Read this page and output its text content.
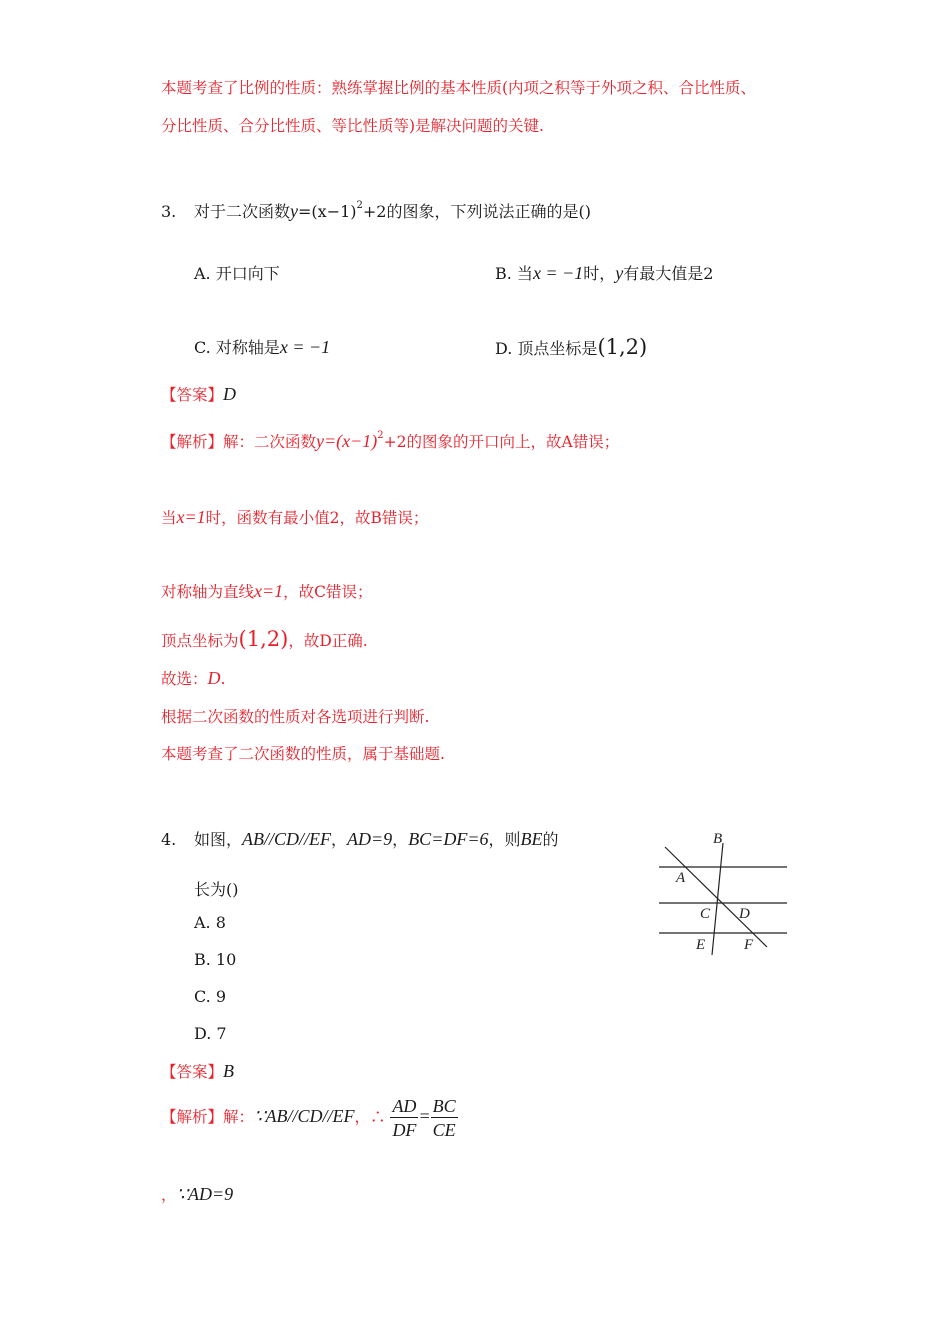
本题考查了比例的性质：熟练掌握比例的基本性质(内项之积等于外项之积、合比性质、
分比性质、合分比性质、等比性质等)是解决问题的关键.
3. 对于二次函数$y=(x-1)^2+2$的图象，下列说法正确的是()
A. 开口向下	B. 当x = −1时，y有最大值是2
C. 对称轴是x = −1	D. 顶点坐标是(1,2)
【答案】D
【解析】解：二次函数$y=(x-1)^2+2$的图象的开口向上，故A错误；
当x=1时，函数有最小值2，故B错误；
对称轴为直线x=1，故C错误；
顶点坐标为(1,2)，故D正确.
故选：D.
根据二次函数的性质对各选项进行判断.
本题考查了二次函数的性质，属于基础题.
4. 如图，AB//CD//EF，AD=9，BC=DF=6，则BE的
长为()
A. 8
B. 10
C. 9
D. 7
【答案】B
【解析】解：∵AB//CD//EF，∴ $\frac{AD}{DF} = \frac{BC}{CE}$
，∵AD=9
B
A
C D
E	F
